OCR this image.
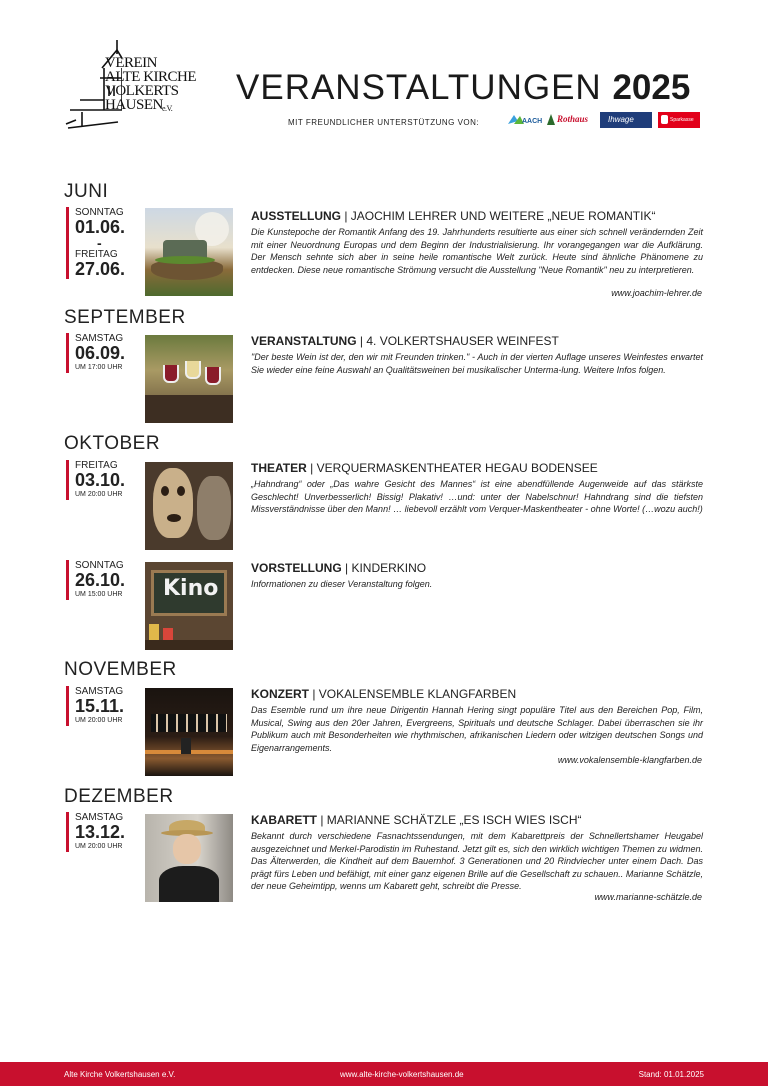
VEREIN
ALTE KIRCHE
VOLKERTS
HAUSEN e.V.
VERANSTALTUNGEN 2025
MIT FREUNDLICHER UNTERSTÜTZUNG VON:	AACH Rothaus Ihwage	Sparkasse
JUNI
SONNTAG
01.06.
-
FREITAG
27.06.
AUSSTELLUNG | JAOCHIM LEHRER UND WEITERE „NEUE ROMANTIK“
Die Kunstepoche der Romantik Anfang des 19. Jahrhunderts resultierte aus einer sich schnell verändernden Zeit mit einer Neuordnung Europas und dem Beginn der Industrialisierung. Ihr vorangegangen war die Aufklärung. Der Mensch sehnte sich aber in seine heile romantische Welt zurück. Heute sind ähnliche Phänomene zu entdecken. Diese neue romantische Strömung versucht die Ausstellung "Neue Romantik" neu zu interpretieren.
www.joachim-lehrer.de
SEPTEMBER
SAMSTAG
06.09.
UM 17:00 UHR
VERANSTALTUNG | 4. VOLKERTSHAUSER WEINFEST
"Der beste Wein ist der, den wir mit Freunden trinken." - Auch in der vierten Auflage unseres Weinfestes erwartet Sie wieder eine feine Auswahl an Qualitätsweinen bei musikalischer Unterma-lung. Weitere Infos folgen.
OKTOBER
FREITAG
03.10.
UM 20:00 UHR
THEATER | VERQUERMASKENTHEATER HEGAU BODENSEE
„Hahndrang“ oder „Das wahre Gesicht des Mannes“ ist eine abendfüllende Augenweide auf das stärkste Geschlecht! Unverbesserlich! Bissig! Plakativ! …und: unter der Nabelschnur! Hahndrang sind die tiefsten Missverständnisse über den Mann! … liebevoll erzählt vom Verquer-Maskentheater - ohne Worte! (…wozu auch!)
SONNTAG
26.10.
UM 15:00 UHR	Kino
VORSTELLUNG | KINDERKINO
Informationen zu dieser Veranstaltung folgen.
NOVEMBER
SAMSTAG
15.11.
UM 20:00 UHR
KONZERT | VOKALENSEMBLE KLANGFARBEN
Das Esemble rund um ihre neue Dirigentin Hannah Hering singt populäre Titel aus den Bereichen Pop, Film, Musical, Swing aus den 20er Jahren, Evergreens, Spirituals und deutsche Schlager. Dabei überraschen sie ihr Publikum auch mit Besonderheiten wie rhythmischen, afrikanischen Liedern oder witzigen deutschen Songs und Eigenarrangements.
www.vokalensemble-klangfarben.de
DEZEMBER
SAMSTAG
13.12.
UM 20:00 UHR
KABARETT | MARIANNE SCHÄTZLE „ES ISCH WIES ISCH“
Bekannt durch verschiedene Fasnachtssendungen, mit dem Kabarettpreis der Schnellertshamer Heugabel ausgezeichnet und Merkel-Parodistin im Ruhestand. Jetzt gilt es, sich den wirklich wichtigen Themen zu widmen. Das Älterwerden, die Kindheit auf dem Bauernhof. 3 Generationen und 20 Rindviecher unter einem Dach. Das prägt fürs Leben und befähigt, mit einer ganz eigenen Brille auf die Gesellschaft zu schauen.. Marianne Schätzle, der neue Geheimtipp, wenns um Kabarett geht, schreibt die Presse.
www.marianne-schätzle.de
Alte Kirche Volkertshausen e.V.	www.alte-kirche-volkertshausen.de	Stand: 01.01.2025
